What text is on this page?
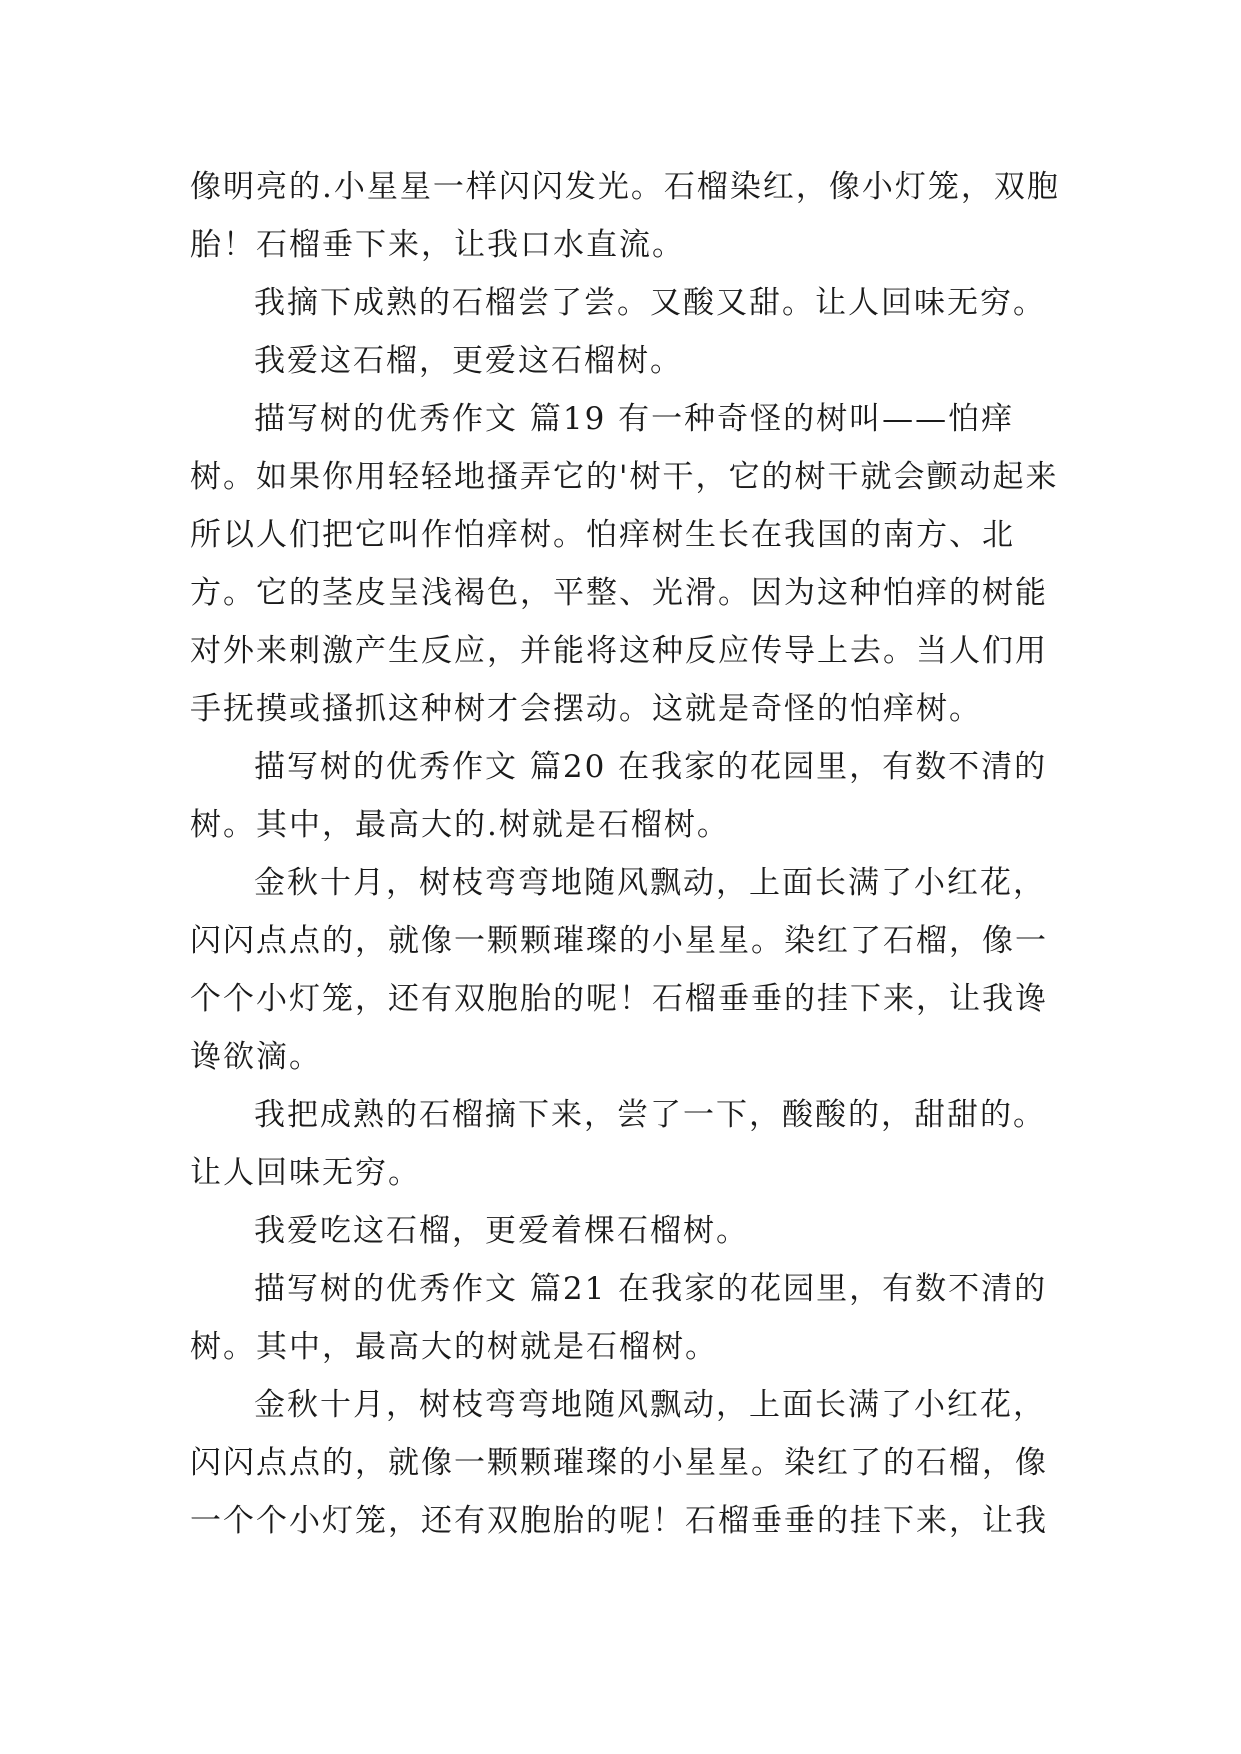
像明亮的.小星星一样闪闪发光。石榴染红，像小灯笼，双胞胎！石榴垂下来，让我口水直流。

我摘下成熟的石榴尝了尝。又酸又甜。让人回味无穷。

我爱这石榴，更爱这石榴树。

描写树的优秀作文 篇19 有一种奇怪的树叫——怕痒树。如果你用轻轻地搔弄它的'树干，它的树干就会颤动起来所以人们把它叫作怕痒树。怕痒树生长在我国的南方、北方。它的茎皮呈浅褐色，平整、光滑。因为这种怕痒的树能对外来刺激产生反应，并能将这种反应传导上去。当人们用手抚摸或搔抓这种树才会摆动。这就是奇怪的怕痒树。

描写树的优秀作文 篇20 在我家的花园里，有数不清的树。其中，最高大的.树就是石榴树。

金秋十月，树枝弯弯地随风飘动，上面长满了小红花，闪闪点点的，就像一颗颗璀璨的小星星。染红了石榴，像一个个小灯笼，还有双胞胎的呢！石榴垂垂的挂下来，让我谗谗欲滴。

我把成熟的石榴摘下来，尝了一下，酸酸的，甜甜的。让人回味无穷。

我爱吃这石榴，更爱着棵石榴树。

描写树的优秀作文 篇21 在我家的花园里，有数不清的树。其中，最高大的树就是石榴树。

金秋十月，树枝弯弯地随风飘动，上面长满了小红花，闪闪点点的，就像一颗颗璀璨的小星星。染红了的石榴，像一个个小灯笼，还有双胞胎的呢！石榴垂垂的挂下来，让我
